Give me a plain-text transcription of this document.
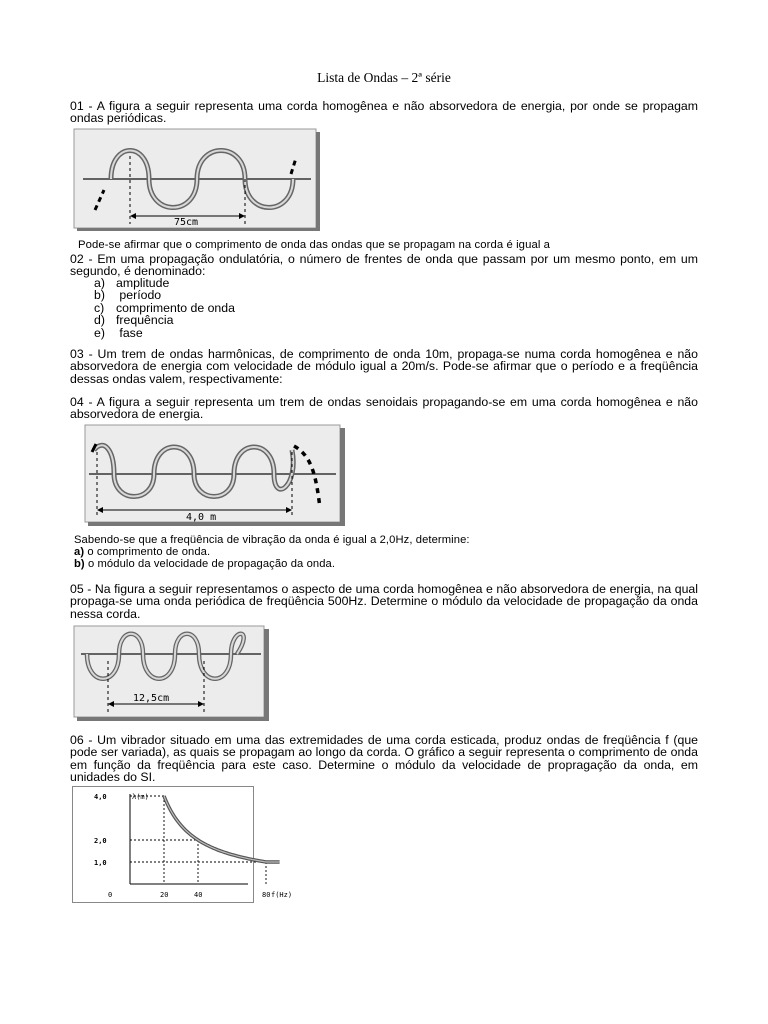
Lista de Ondas – 2ª série

01 - A figura a seguir representa uma corda homogênea e não absorvedora de energia, por onde se propagam ondas periódicas.

75cm
Pode-se afirmar que o comprimento de onda das ondas que se propagam na corda é igual a

02 - Em uma propagação ondulatória, o número de frentes de onda que passam por um mesmo ponto, em um segundo, é denominado:

a) amplitude
b) período
c) comprimento de onda
d) frequência
e) fase

03 - Um trem de ondas harmônicas, de comprimento de onda 10m, propaga-se numa corda homogênea e não absorvedora de energia com velocidade de módulo igual a 20m/s. Pode-se afirmar que o período e a freqüência dessas ondas valem, respectivamente:

04 - A figura a seguir representa um trem de ondas senoidais propagando-se em uma corda homogênea e não absorvedora de energia.

4,0 m
Sabendo-se que a freqüência de vibração da onda é igual a 2,0Hz, determine:
a) o comprimento de onda.
b) o módulo da velocidade de propagação da onda.

05 - Na figura a seguir representamos o aspecto de uma corda homogênea e não absorvedora de energia, na qual propaga-se uma onda periódica de freqüência 500Hz. Determine o módulo da velocidade de propagação da onda nessa corda.

12,5cm

06 - Um vibrador situado em uma das extremidades de uma corda esticada, produz ondas de freqüência f (que pode ser variada), as quais se propagam ao longo da corda. O gráfico a seguir representa o comprimento de onda em função da freqüência para este caso. Determine o módulo da velocidade de propragação da onda, em unidades do SI.

λ(m)
f(Hz)
0
4,0
2,0
1,0
20	40	80
